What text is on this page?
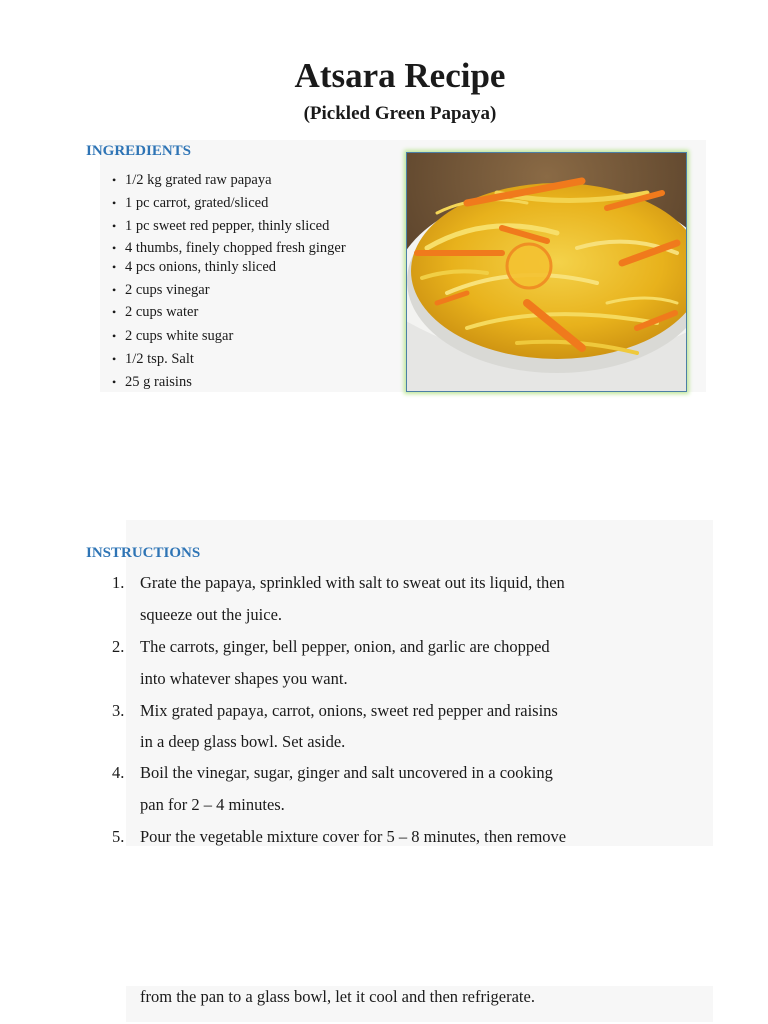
Atsara Recipe
(Pickled Green Papaya)
INGREDIENTS
• 1/2 kg grated raw papaya
• 1 pc carrot, grated/sliced
• 1 pc sweet red pepper, thinly sliced
• 4 thumbs, finely chopped fresh ginger
• 4 pcs onions, thinly sliced
• 2 cups vinegar
• 2 cups water
• 2 cups white sugar
• 1/2 tsp. Salt
• 25 g raisins
INSTRUCTIONS
1. Grate the papaya, sprinkled with salt to sweat out its liquid, then
squeeze out the juice.
2. The carrots, ginger, bell pepper, onion, and garlic are chopped
into whatever shapes you want.
3. Mix grated papaya, carrot, onions, sweet red pepper and raisins
in a deep glass bowl. Set aside.
4. Boil the vinegar, sugar, ginger and salt uncovered in a cooking
pan for 2 – 4 minutes.
5. Pour the vegetable mixture cover for 5 – 8 minutes, then remove
from the pan to a glass bowl, let it cool and then refrigerate.
